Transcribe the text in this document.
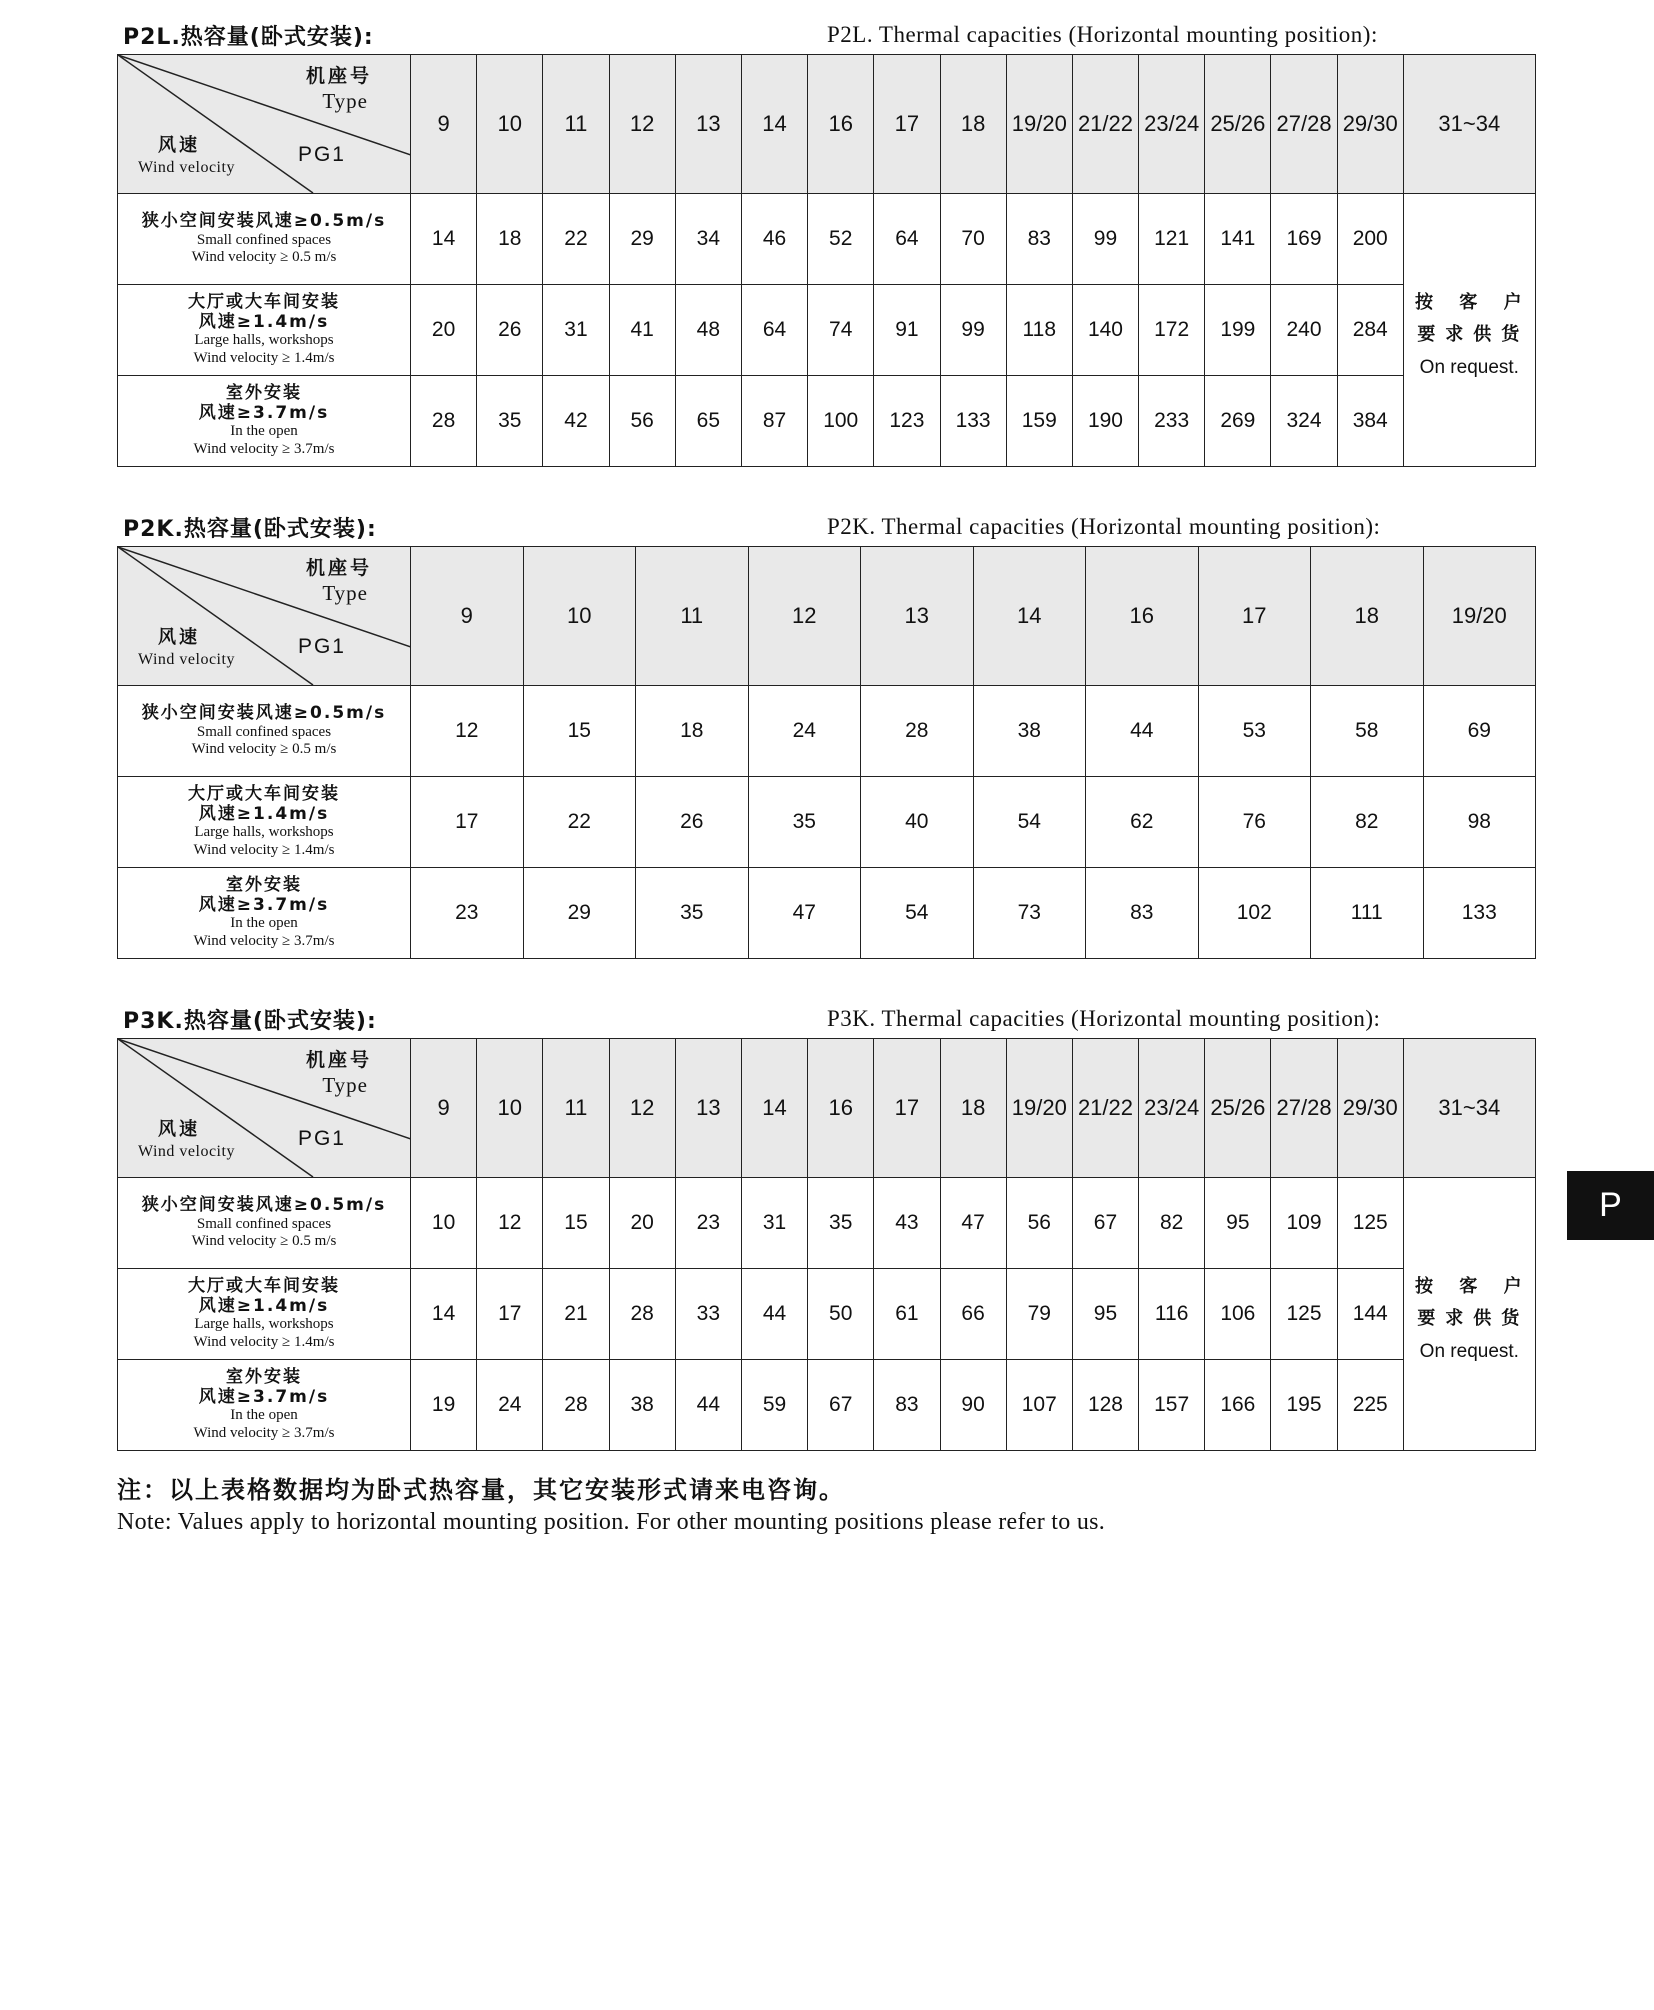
P2L.热容量(卧式安装):	P2L. Thermal capacities (Horizontal mounting position):
机座号
Type
PG1
风速
Wind velocity	9	10	11	12	13	14	16	17	18	19/20	21/22	23/24	25/26	27/28	29/30	31~34

狭小空间安装风速≥0.5m/s
Small confined spaces
Wind velocity ≥ 0.5 m/s	14	18	22	29	34	46	52	64	70	83	99	121	141	169	200	按 客 户
要求供货
On request.

大厅或大车间安装
风速≥1.4m/s
Large halls, workshops
Wind velocity ≥ 1.4m/s	20	26	31	41	48	64	74	91	99	118	140	172	199	240	284	

室外安装
风速≥3.7m/s
In the open
Wind velocity ≥ 3.7m/s	28	35	42	56	65	87	100	123	133	159	190	233	269	324	384	
P2K.热容量(卧式安装):	P2K. Thermal capacities (Horizontal mounting position):
机座号
Type
PG1
风速
Wind velocity	9	10	11	12	13	14	16	17	18	19/20

狭小空间安装风速≥0.5m/s
Small confined spaces
Wind velocity ≥ 0.5 m/s	12	15	18	24	28	38	44	53	58	69

大厅或大车间安装
风速≥1.4m/s
Large halls, workshops
Wind velocity ≥ 1.4m/s	17	22	26	35	40	54	62	76	82	98

室外安装
风速≥3.7m/s
In the open
Wind velocity ≥ 3.7m/s	23	29	35	47	54	73	83	102	111	133
P3K.热容量(卧式安装):	P3K. Thermal capacities (Horizontal mounting position):
机座号
Type
PG1
风速
Wind velocity	9	10	11	12	13	14	16	17	18	19/20	21/22	23/24	25/26	27/28	29/30	31~34

狭小空间安装风速≥0.5m/s
Small confined spaces
Wind velocity ≥ 0.5 m/s	10	12	15	20	23	31	35	43	47	56	67	82	95	109	125	按 客 户
要求供货
On request.

大厅或大车间安装
风速≥1.4m/s
Large halls, workshops
Wind velocity ≥ 1.4m/s	14	17	21	28	33	44	50	61	66	79	95	116	106	125	144	

室外安装
风速≥3.7m/s
In the open
Wind velocity ≥ 3.7m/s	19	24	28	38	44	59	67	83	90	107	128	157	166	195	225	
注：以上表格数据均为卧式热容量，其它安装形式请来电咨询。
Note: Values apply to horizontal mounting position. For other mounting positions please refer to us.
P
